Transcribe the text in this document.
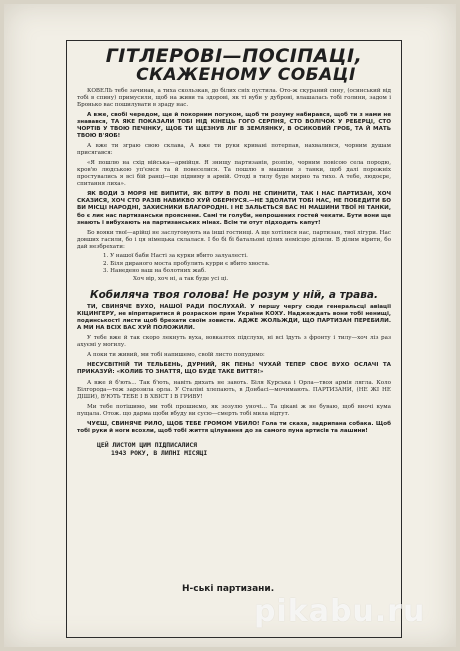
ГІТЛЕРОВІ—ПОСІПАЦІ,
СКАЖЕНОМУ СОБАЦІ

КОВЕЛЬ тебе зачинав, а тиха скользкав, до білих сніх пустила. Ото-ж скураний сину, (осинський від тобі в спину) примусили, щоб на живи та здорові, як ті вуби у дуброві, влашалась тобі голини, задом і Бронько вас пошилувати в зраду нас.

А вже, свобі чередом, ще й покорним погуком, щоб ти розуму набирався, щоб ти з нами не знавався, ТА ЯКЕ ПОКАЗАЛИ ТОБІ НІД КІНЕЦЬ ГОГО СЕРПНЯ, СТО ВОЛІЧОК У РЕБЕРЦІ, СТО ЧОРТІВ У ТВОЮ ПЕЧІНКУ, ЩОБ ТИ ЩЕЗНУВ ЛІГ В ЗЕМЛЯНКУ, В ОСИКОВИЙ ГРОБ, ТА Й МАТЬ ТВОЮ В'ЯОБ!

А вже ти зграю свою склава, А вже ти руки кривані потерпав, нахвалився, чорним душам присягався:

«Я пошлю на схід війська—армійця. Я знищу партизанів, розпію, чорним повісою села породю, кров'ю людською уп'ємся та й повеселися. Та пошлю в машини з танки, щоб далі порожніх простувались я всі бій ранці—ще підвиму в армій. Отоді в тилу буде мирно та тихо. А тебе, людоєре, спитання лиха».

ЯК ВОДИ З МОРЯ НЕ ВИПИТИ, ЯК ВІТРУ В ПОЛІ НЕ СПИНИТИ, ТАК І НАС ПАРТИЗАН, ХОЧ СКАЗИСЯ, ХОЧ СТО РАЗІВ НАВИКВО ХУЙ ОБЕРНУСЯ.—НЕ ЗДОЛАТИ ТОБІ НАС, НЕ ПОБЕДИТИ БО ВИ МІСЦІ НАРОДНІ, ЗАХИСНИКИ БЛАГОРОДНІ. І НЕ ЗАЛЬЄТЬСЯ ВАС НІ МАШИНИ ТВОЇ НІ ТАНКИ, бо є лик нас партизанськи прояснени. Самі ти голуби, непрошених гостей чекати. Бути вони ще знають і вибухають на партизанських мінах. Всім ти отут підходить капут!

Бо вояки твої—арійці не заслуговують на інші гостинці. А ще хотілися нас, партизан, твої лігури. Нас довших гасили, бо і ця німецька склалася. І бо бі бі батальоні цілих немісцю ділили. В ділим вірити, бо дай незбрехати:

1. У нашої баби Насті за курки вбито залуалесті.
2. Біля дираного моста пробулить курри є вбито хвоста.
3. Нанедено ваш на болотних жаб.
Хоч вір, хоч ні, а так буде усі ці.
Кобиляча твоя голова! Не розум у ній, а трава.

ТИ, СВИНЯЧЕ ВУХО, НАШОЇ РАДИ ПОСЛУХАЙ. У першу чергу сюди генеральсці авіації КІЦИНГЕРУ, не віпрятаритися й розраском прям України КОХУ. Наджеждать вони тобі ненищі, подинськості листи щоб брехати своїм зовисти. АДЖЕ ЖОЛЬЖДИ, ЩО ПАРТИЗАН ПЕРЕБИЛИ. А МИ НА ВСІХ ВАС ХУЙ ПОЛОЖИЛИ.

У тебе вже й так скоро лекнуть вуха, вовказтох підслухв, ні всі їдуть з фронту і тилу—хоч ліз раз ахуємі у могилу.

А поки ти живий, ми тобі напишемо, своїй листо попудимо:

НЕСУСВІТНІЙ ТИ ТЕЛЬБЕНЬ, ДУРНИЙ, ЯК ПЕНЬ! ЧУХАЙ ТЕПЕР СВОЄ ВУХО ОСЛАЧІ ТА ПРИКАЗУЙ: «КОЛИБ ТО ЗНАТТЯ, ЩО БУДЕ ТАКЕ ВИТТЯ!»

А вже й б'ють... Так б'ють, навіть дихать не завоть. Біля Курська і Орла—твоя армія лягла. Коло Білгорода—теж зарозила орла. У Сталіні хлепають, в Донбасі—мочимають. ПАРТИЗАНИ, (НЕ ЖІ НЕ ДІШИ), В'ЮТЬ ТЕБЕ І В ХВІСТ І В ГРИВУ!

Ми тебе потішимо, ми тобі прошиємо, як зозулю уночі... Та цікаві ж не буваю, щоб вночі кума пущала. Отож. що дарма щоби вбуду ви сусю—смерть тобі мила відтут.

ЧУЄШ, СВИНЯЧЕ РИЛО, ЩОБ ТЕБЕ ГРОМОМ УБИЛО! Гола ти скаха, задрипана собака. Щоб тобі руки й ноги всохли, щоб тобі життя цілування до за самого пуна артисів та лашини!

ЦЕЙ ЛИСТОМ ЦИМ ПІДПИСАЛИСЯ
1943 РОКУ, В ЛИПНІ МІСЯЦІ
Н-ські партизани.
pikabu.ru
